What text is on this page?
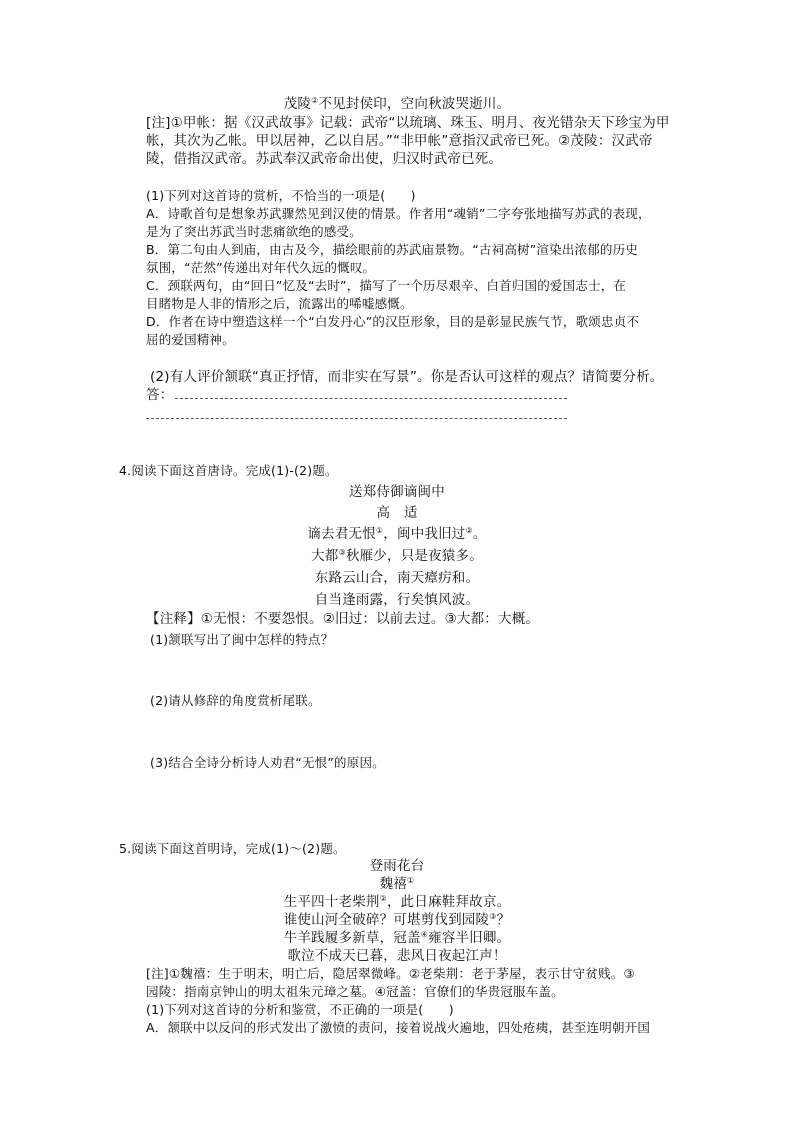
茂陵②不见封侯印，空向秋波哭逝川。
[注]①甲帐：据《汉武故事》记载：武帝“以琉璃、珠玉、明月、夜光错杂天下珍宝为甲
帐，其次为乙帐。甲以居神，乙以自居。”“非甲帐”意指汉武帝已死。②茂陵：汉武帝
陵，借指汉武帝。苏武奉汉武帝命出使，归汉时武帝已死。
(1)下列对这首诗的赏析，不恰当的一项是(　　)
A．诗歌首句是想象苏武骤然见到汉使的情景。作者用“魂销”二字夸张地描写苏武的表现，
是为了突出苏武当时悲痛欲绝的感受。
B．第二句由人到庙，由古及今，描绘眼前的苏武庙景物。“古祠高树”渲染出浓郁的历史
氛围，“茫然”传递出对年代久远的慨叹。
C．颈联两句，由“回日”忆及“去时”，描写了一个历尽艰辛、白首归国的爱国志士，在
目睹物是人非的情形之后，流露出的唏嘘感慨。
D．作者在诗中塑造这样一个“白发丹心”的汉臣形象，目的是彰显民族气节，歌颂忠贞不
屈的爱国精神。
(2)有人评价颔联“真正抒情，而非实在写景”。你是否认可这样的观点？请简要分析。
答：
4.阅读下面这首唐诗。完成(1)-(2)题。
送郑侍御谪闽中
高　适
谪去君无恨①，闽中我旧过②。
大都③秋雁少，只是夜猿多。
东路云山合，南天瘴疠和。
自当逢雨露，行矣慎风波。
【注释】①无恨：不要怨恨。②旧过：以前去过。③大都：大概。
(1)颔联写出了闽中怎样的特点？
(2)请从修辞的角度赏析尾联。
(3)结合全诗分析诗人劝君“无恨”的原因。
5.阅读下面这首明诗，完成(1)～(2)题。
登雨花台
魏禧①
生平四十老柴荆②，此日麻鞋拜故京。
谁使山河全破碎？可堪剪伐到园陵③？
牛羊践履多新草，冠盖④雍容半旧卿。
歌泣不成天已暮，悲风日夜起江声！
[注]①魏禧：生于明末，明亡后，隐居翠微峰。②老柴荆：老于茅屋，表示甘守贫贱。③
园陵：指南京钟山的明太祖朱元璋之墓。④冠盖：官僚们的华贵冠服车盖。
(1)下列对这首诗的分析和鉴赏，不正确的一项是(　　)
A．颔联中以反问的形式发出了激愤的责问，接着说战火遍地，四处疮痍，甚至连明朝开国
